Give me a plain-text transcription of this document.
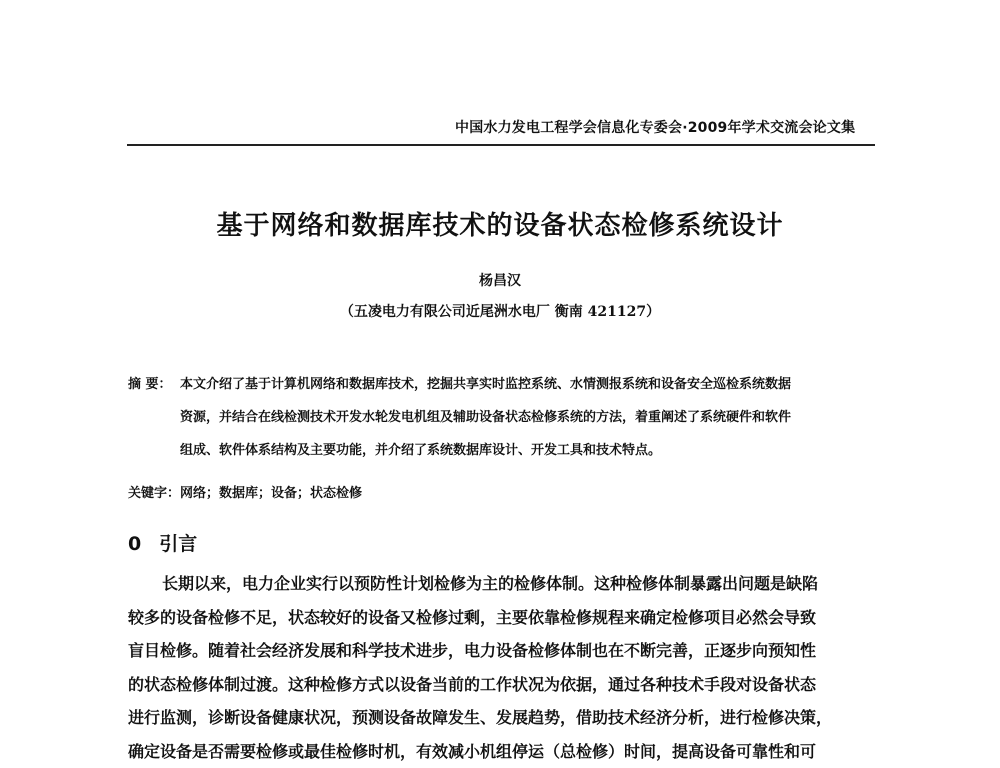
中国水力发电工程学会信息化专委会·2009年学术交流会论文集
基于网络和数据库技术的设备状态检修系统设计
杨昌汉
（五凌电力有限公司近尾洲水电厂 衡南 421127）
摘 要： 本文介绍了基于计算机网络和数据库技术，挖掘共享实时监控系统、水情测报系统和设备安全巡检系统数据
资源，并结合在线检测技术开发水轮发电机组及辅助设备状态检修系统的方法，着重阐述了系统硬件和软件
组成、软件体系结构及主要功能，并介绍了系统数据库设计、开发工具和技术特点。
关键字：网络；数据库；设备；状态检修
0 引言
长期以来，电力企业实行以预防性计划检修为主的检修体制。这种检修体制暴露出问题是缺陷
较多的设备检修不足，状态较好的设备又检修过剩，主要依靠检修规程来确定检修项目必然会导致
盲目检修。随着社会经济发展和科学技术进步，电力设备检修体制也在不断完善，正逐步向预知性
的状态检修体制过渡。这种检修方式以设备当前的工作状况为依据，通过各种技术手段对设备状态
进行监测，诊断设备健康状况，预测设备故障发生、发展趋势，借助技术经济分析，进行检修决策，
确定设备是否需要检修或最佳检修时机，有效减小机组停运（总检修）时间，提高设备可靠性和可
